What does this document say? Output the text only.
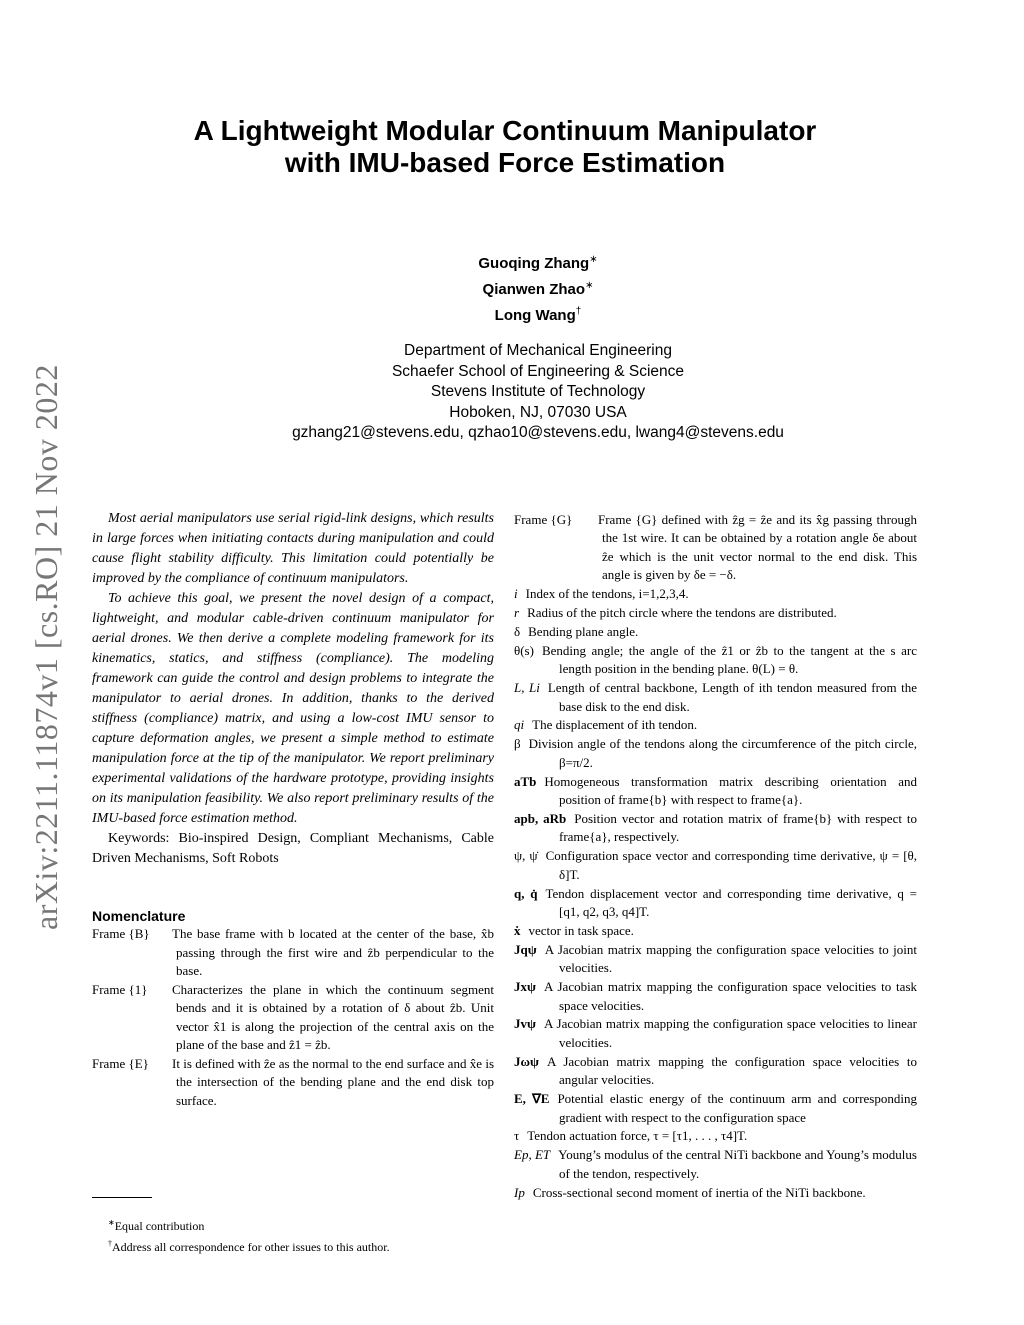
arXiv:2211.11874v1 [cs.RO] 21 Nov 2022
A Lightweight Modular Continuum Manipulator
with IMU-based Force Estimation
Guoqing Zhang∗
Qianwen Zhao∗
Long Wang†
Department of Mechanical Engineering
Schaefer School of Engineering & Science
Stevens Institute of Technology
Hoboken, NJ, 07030 USA
gzhang21@stevens.edu, qzhao10@stevens.edu, lwang4@stevens.edu

Most aerial manipulators use serial rigid-link designs, which results in large forces when initiating contacts during manipulation and could cause flight stability difficulty. This limitation could potentially be improved by the compliance of continuum manipulators.

To achieve this goal, we present the novel design of a compact, lightweight, and modular cable-driven continuum manipulator for aerial drones. We then derive a complete modeling framework for its kinematics, statics, and stiffness (compliance). The modeling framework can guide the control and design problems to integrate the manipulator to aerial drones. In addition, thanks to the derived stiffness (compliance) matrix, and using a low-cost IMU sensor to capture deformation angles, we present a simple method to estimate manipulation force at the tip of the manipulator. We report preliminary experimental validations of the hardware prototype, providing insights on its manipulation feasibility. We also report preliminary results of the IMU-based force estimation method.

Keywords: Bio-inspired Design, Compliant Mechanisms, Cable Driven Mechanisms, Soft Robots

Nomenclature

Frame {B} The base frame with b located at the center of the base, x̂b passing through the first wire and ẑb perpendicular to the base.

Frame {1} Characterizes the plane in which the continuum segment bends and it is obtained by a rotation of δ about ẑb. Unit vector x̂1 is along the projection of the central axis on the plane of the base and ẑ1 = ẑb.

Frame {E} It is defined with ẑe as the normal to the end surface and x̂e is the intersection of the bending plane and the end disk top surface.

Frame {G} Frame {G} defined with ẑg = ẑe and its x̂g passing through the 1st wire. It can be obtained by a rotation angle δe about ẑe which is the unit vector normal to the end disk. This angle is given by δe = −δ.

i Index of the tendons, i=1,2,3,4.

r Radius of the pitch circle where the tendons are distributed.

δ Bending plane angle.

θ(s) Bending angle; the angle of the ẑ1 or ẑb to the tangent at the s arc length position in the bending plane. θ(L) = θ.

L, Li Length of central backbone, Length of ith tendon measured from the base disk to the end disk.

qi The displacement of ith tendon.

β Division angle of the tendons along the circumference of the pitch circle, β=π/2.

aTb Homogeneous transformation matrix describing orientation and position of frame{b} with respect to frame{a}.

apb, aRb Position vector and rotation matrix of frame{b} with respect to frame{a}, respectively.

ψ, ψ̇ Configuration space vector and corresponding time derivative, ψ = [θ, δ]T.

q, q̇ Tendon displacement vector and corresponding time derivative, q = [q1, q2, q3, q4]T.

ẋ vector in task space.

Jqψ A Jacobian matrix mapping the configuration space velocities to joint velocities.

Jxψ A Jacobian matrix mapping the configuration space velocities to task space velocities.

Jvψ A Jacobian matrix mapping the configuration space velocities to linear velocities.

Jωψ A Jacobian matrix mapping the configuration space velocities to angular velocities.

E, ∇E Potential elastic energy of the continuum arm and corresponding gradient with respect to the configuration space

τ Tendon actuation force, τ = [τ1, . . . , τ4]T.

Ep, ET Young’s modulus of the central NiTi backbone and Young’s modulus of the tendon, respectively.

Ip Cross-sectional second moment of inertia of the NiTi backbone.

∗Equal contribution
†Address all correspondence for other issues to this author.
